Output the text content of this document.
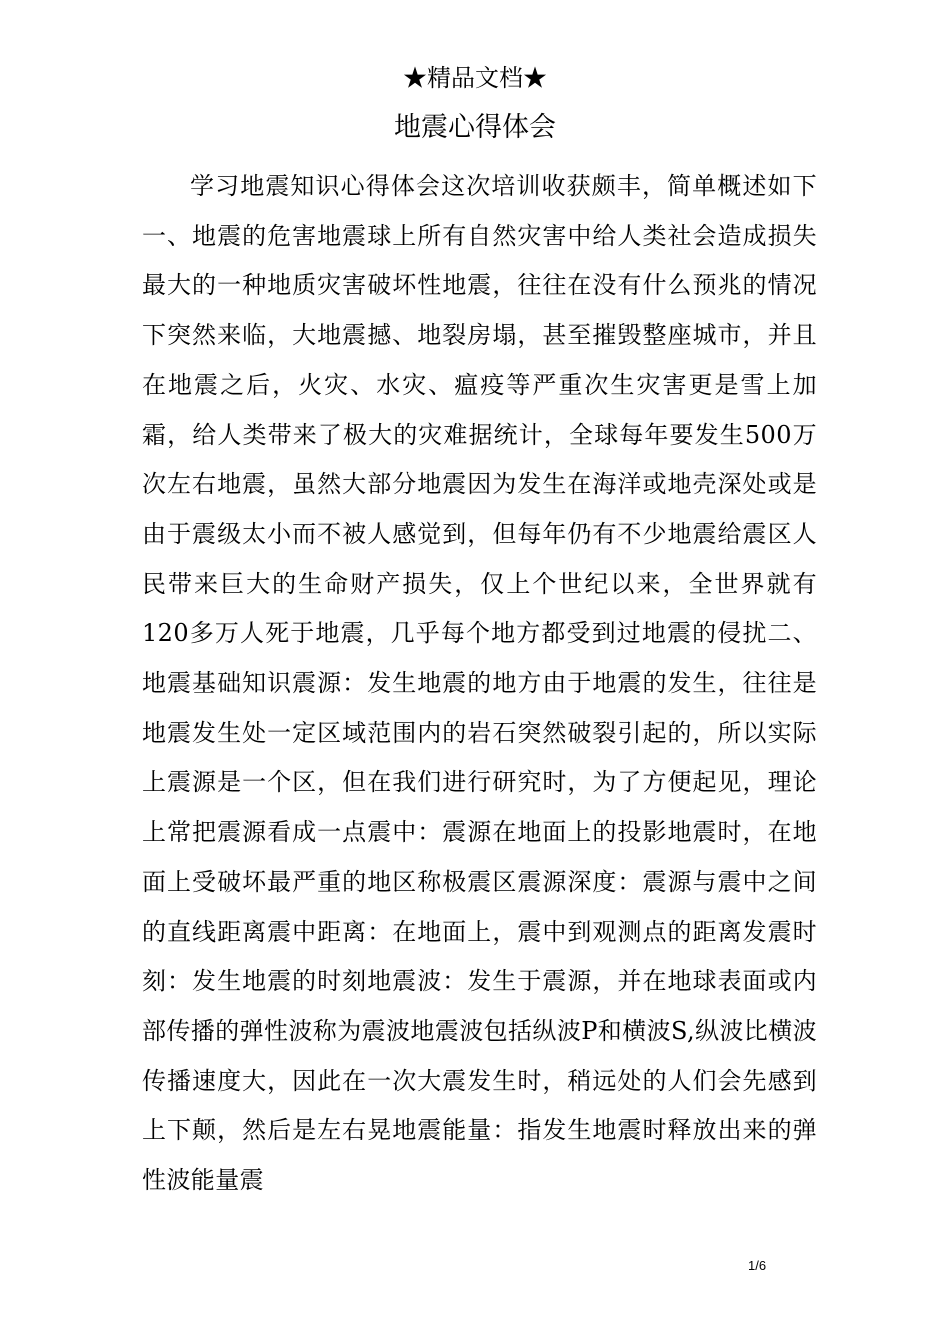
★精品文档★
地震心得体会

学习地震知识心得体会这次培训收获颇丰，简单概述如下一、地震的危害地震球上所有自然灾害中给人类社会造成损失最大的一种地质灾害破坏性地震，往往在没有什么预兆的情况下突然来临，大地震撼、地裂房塌，甚至摧毁整座城市，并且在地震之后，火灾、水灾、瘟疫等严重次生灾害更是雪上加霜，给人类带来了极大的灾难据统计，全球每年要发生500万次左右地震，虽然大部分地震因为发生在海洋或地壳深处或是由于震级太小而不被人感觉到，但每年仍有不少地震给震区人民带来巨大的生命财产损失，仅上个世纪以来，全世界就有120多万人死于地震，几乎每个地方都受到过地震的侵扰二、地震基础知识震源：发生地震的地方由于地震的发生，往往是地震发生处一定区域范围内的岩石突然破裂引起的，所以实际上震源是一个区，但在我们进行研究时，为了方便起见，理论上常把震源看成一点震中：震源在地面上的投影地震时，在地面上受破坏最严重的地区称极震区震源深度：震源与震中之间的直线距离震中距离：在地面上，震中到观测点的距离发震时刻：发生地震的时刻地震波：发生于震源，并在地球表面或内部传播的弹性波称为震波地震波包括纵波P和横波S,纵波比横波传播速度大，因此在一次大震发生时，稍远处的人们会先感到上下颠，然后是左右晃地震能量：指发生地震时释放出来的弹性波能量震

1/6
